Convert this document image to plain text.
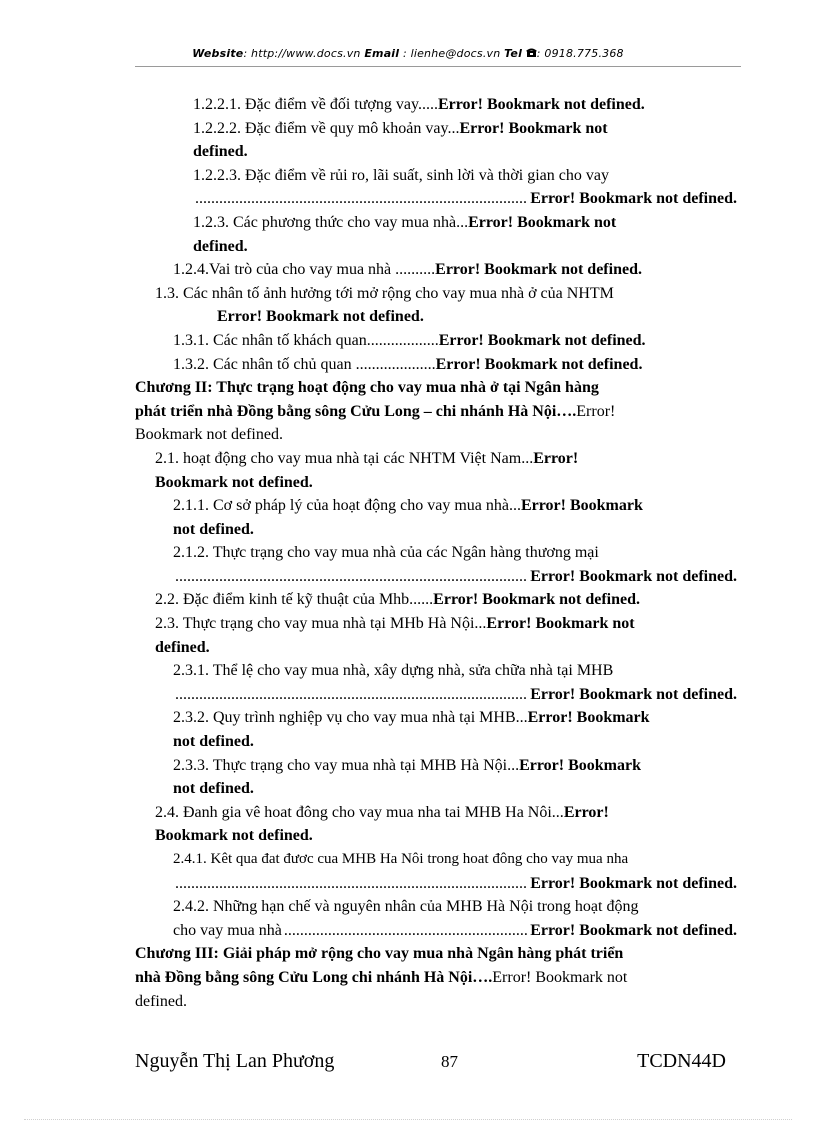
Website: http://www.docs.vn Email : lienhe@docs.vn Tel : 0918.775.368
1.2.2.1. Đặc điểm về đối tượng vay.....Error! Bookmark not defined.
1.2.2.2. Đặc điểm về quy mô khoản vay...Error! Bookmark not
defined.
1.2.2.3. Đặc điểm về rủi ro, lãi suất, sinh lời và thời gian cho vay
.....
Error! Bookmark not defined.
1.2.3. Các phương thức cho vay mua nhà...Error! Bookmark not
defined.
1.2.4.Vai trò của cho vay mua nhà ..........Error! Bookmark not defined.
1.3. Các nhân tố ảnh hưởng tới mở rộng cho vay mua nhà ở của NHTM
Error! Bookmark not defined.
1.3.1. Các nhân tố khách quan..................Error! Bookmark not defined.
1.3.2. Các nhân tố chủ quan ....................Error! Bookmark not defined.
Chương II: Thực trạng hoạt động cho vay mua nhà ở tại Ngân hàng
phát triển nhà Đồng bằng sông Cửu Long – chi nhánh Hà Nội….Error!
Bookmark not defined.
2.1. hoạt động cho vay mua nhà tại các NHTM Việt Nam...Error!
Bookmark not defined.
2.1.1. Cơ sở pháp lý của hoạt động cho vay mua nhà...Error! Bookmark
not defined.
2.1.2. Thực trạng cho vay mua nhà của các Ngân hàng thương mại
.....
Error! Bookmark not defined.
2.2. Đặc điểm kinh tế kỹ thuật của Mhb......Error! Bookmark not defined.
2.3. Thực trạng cho vay mua nhà tại MHb Hà Nội...Error! Bookmark not
defined.
2.3.1. Thể lệ cho vay mua nhà, xây dựng nhà, sửa chữa nhà tại MHB
.....
Error! Bookmark not defined.
2.3.2. Quy trình nghiệp vụ cho vay mua nhà tại MHB...Error! Bookmark
not defined.
2.3.3. Thực trạng cho vay mua nhà tại MHB Hà Nội...Error! Bookmark
not defined.
2.4. Đanh gia vê hoat đông cho vay mua nha tai MHB Ha Nôi...Error!
Bookmark not defined.
2.4.1. Kêt qua đat đươc cua MHB Ha Nôi trong hoat đông cho vay mua nha
.....
Error! Bookmark not defined.
2.4.2. Những hạn chế và nguyên nhân của MHB Hà Nội trong hoạt động
cho vay mua nhà
.....	Error! Bookmark not defined.
Chương III: Giải pháp mở rộng cho vay mua nhà Ngân hàng phát triển
nhà Đồng bằng sông Cửu Long chi nhánh Hà Nội….Error! Bookmark not
defined.
Nguyễn Thị Lan Phương	87	TCDN44D
